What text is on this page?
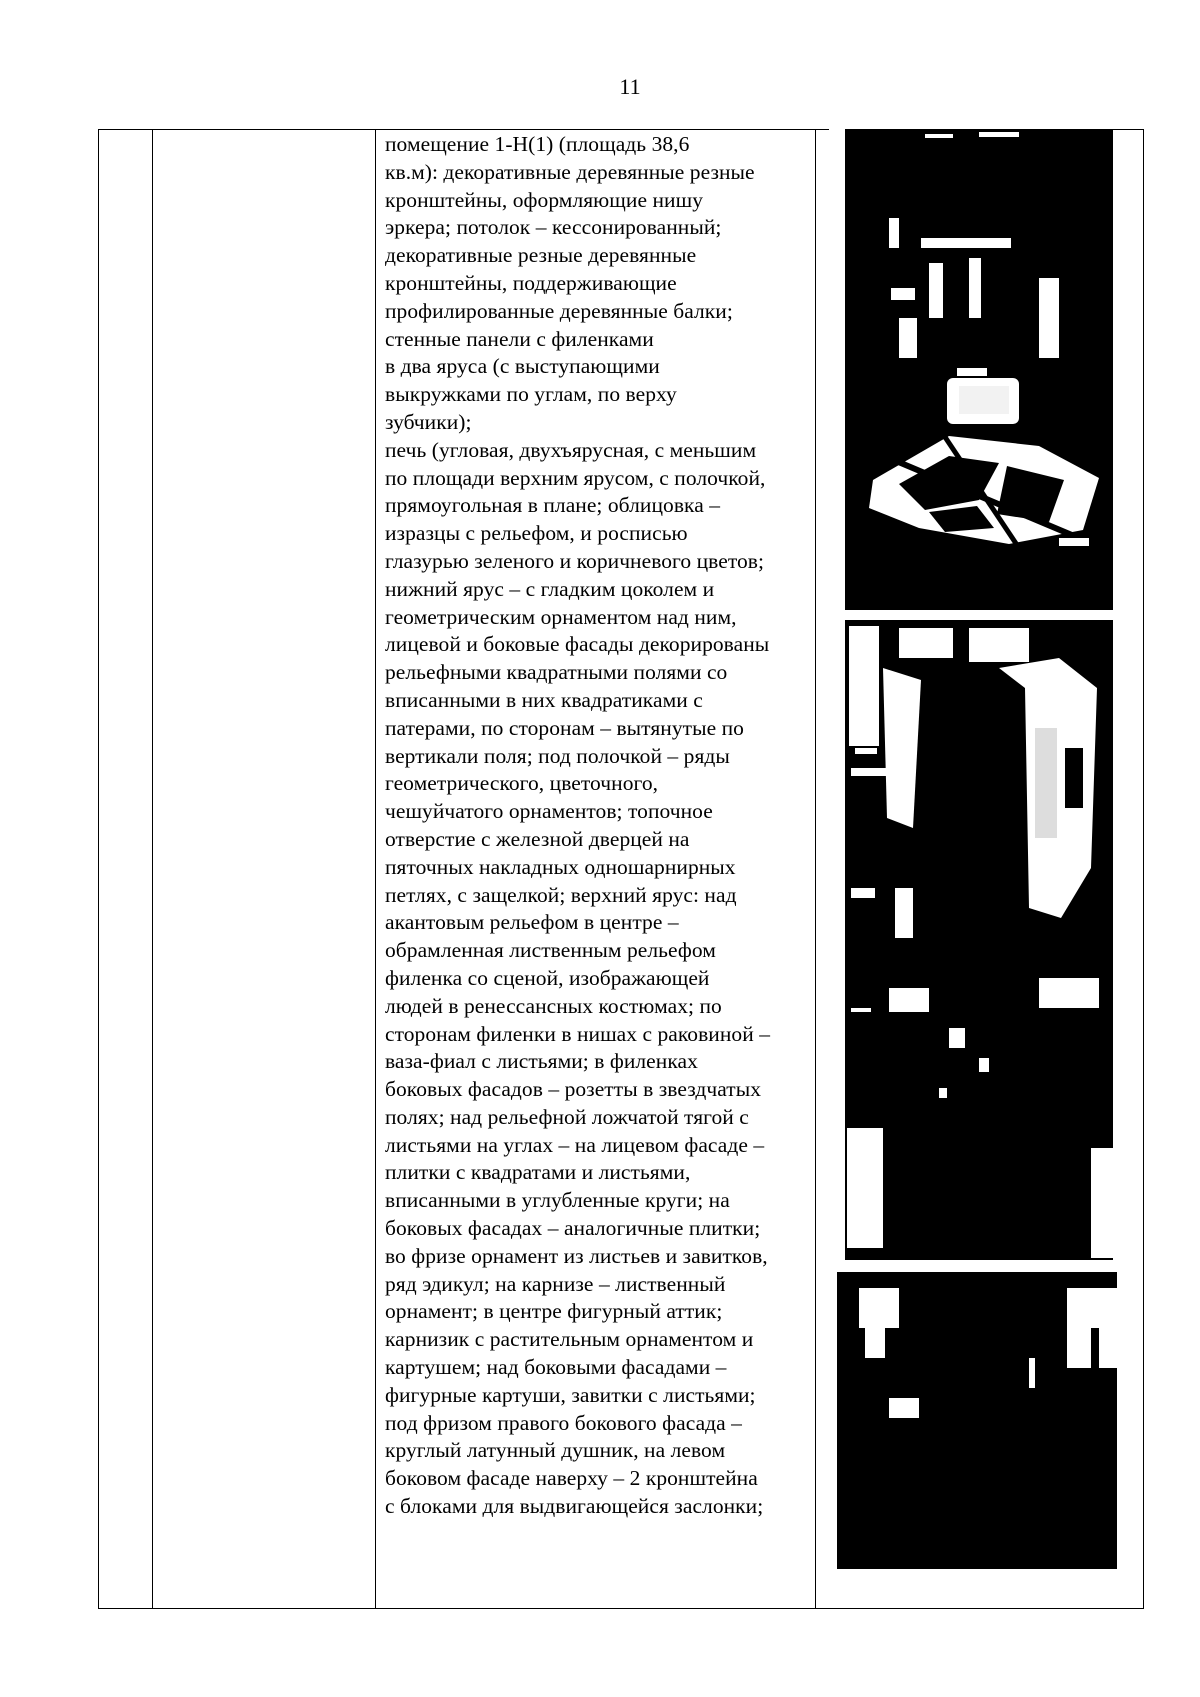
11
помещение 1-Н(1) (площадь 38,6
кв.м): декоративные деревянные резные
кронштейны, оформляющие нишу
эркера; потолок – кессонированный;
декоративные резные деревянные
кронштейны, поддерживающие
профилированные деревянные балки;
стенные панели с филенками
в два яруса (с выступающими
выкружками по углам, по верху
зубчики);
печь (угловая, двухъярусная, с меньшим
по площади верхним ярусом, с полочкой,
прямоугольная в плане; облицовка –
изразцы с рельефом, и росписью
глазурью зеленого и коричневого цветов;
нижний ярус – с гладким цоколем и
геометрическим орнаментом над ним,
лицевой и боковые фасады декорированы
рельефными квадратными полями со
вписанными в них квадратиками с
патерами, по сторонам – вытянутые по
вертикали поля; под полочкой – ряды
геометрического, цветочного,
чешуйчатого орнаментов; топочное
отверстие с железной дверцей на
пяточных накладных одношарнирных
петлях, с защелкой; верхний ярус: над
акантовым рельефом в центре –
обрамленная лиственным рельефом
филенка со сценой, изображающей
людей в ренессансных костюмах; по
сторонам филенки в нишах с раковиной –
ваза-фиал с листьями; в филенках
боковых фасадов – розетты в звездчатых
полях; над рельефной ложчатой тягой с
листьями на углах – на лицевом фасаде –
плитки с квадратами и листьями,
вписанными в углубленные круги; на
боковых фасадах – аналогичные плитки;
во фризе орнамент из листьев и завитков,
ряд эдикул; на карнизе – лиственный
орнамент; в центре фигурный аттик;
карнизик с растительным орнаментом и
картушем; над боковыми фасадами –
фигурные картуши, завитки с листьями;
под фризом правого бокового фасада –
круглый латунный душник, на левом
боковом фасаде наверху – 2 кронштейна
с блоками для выдвигающейся заслонки;
